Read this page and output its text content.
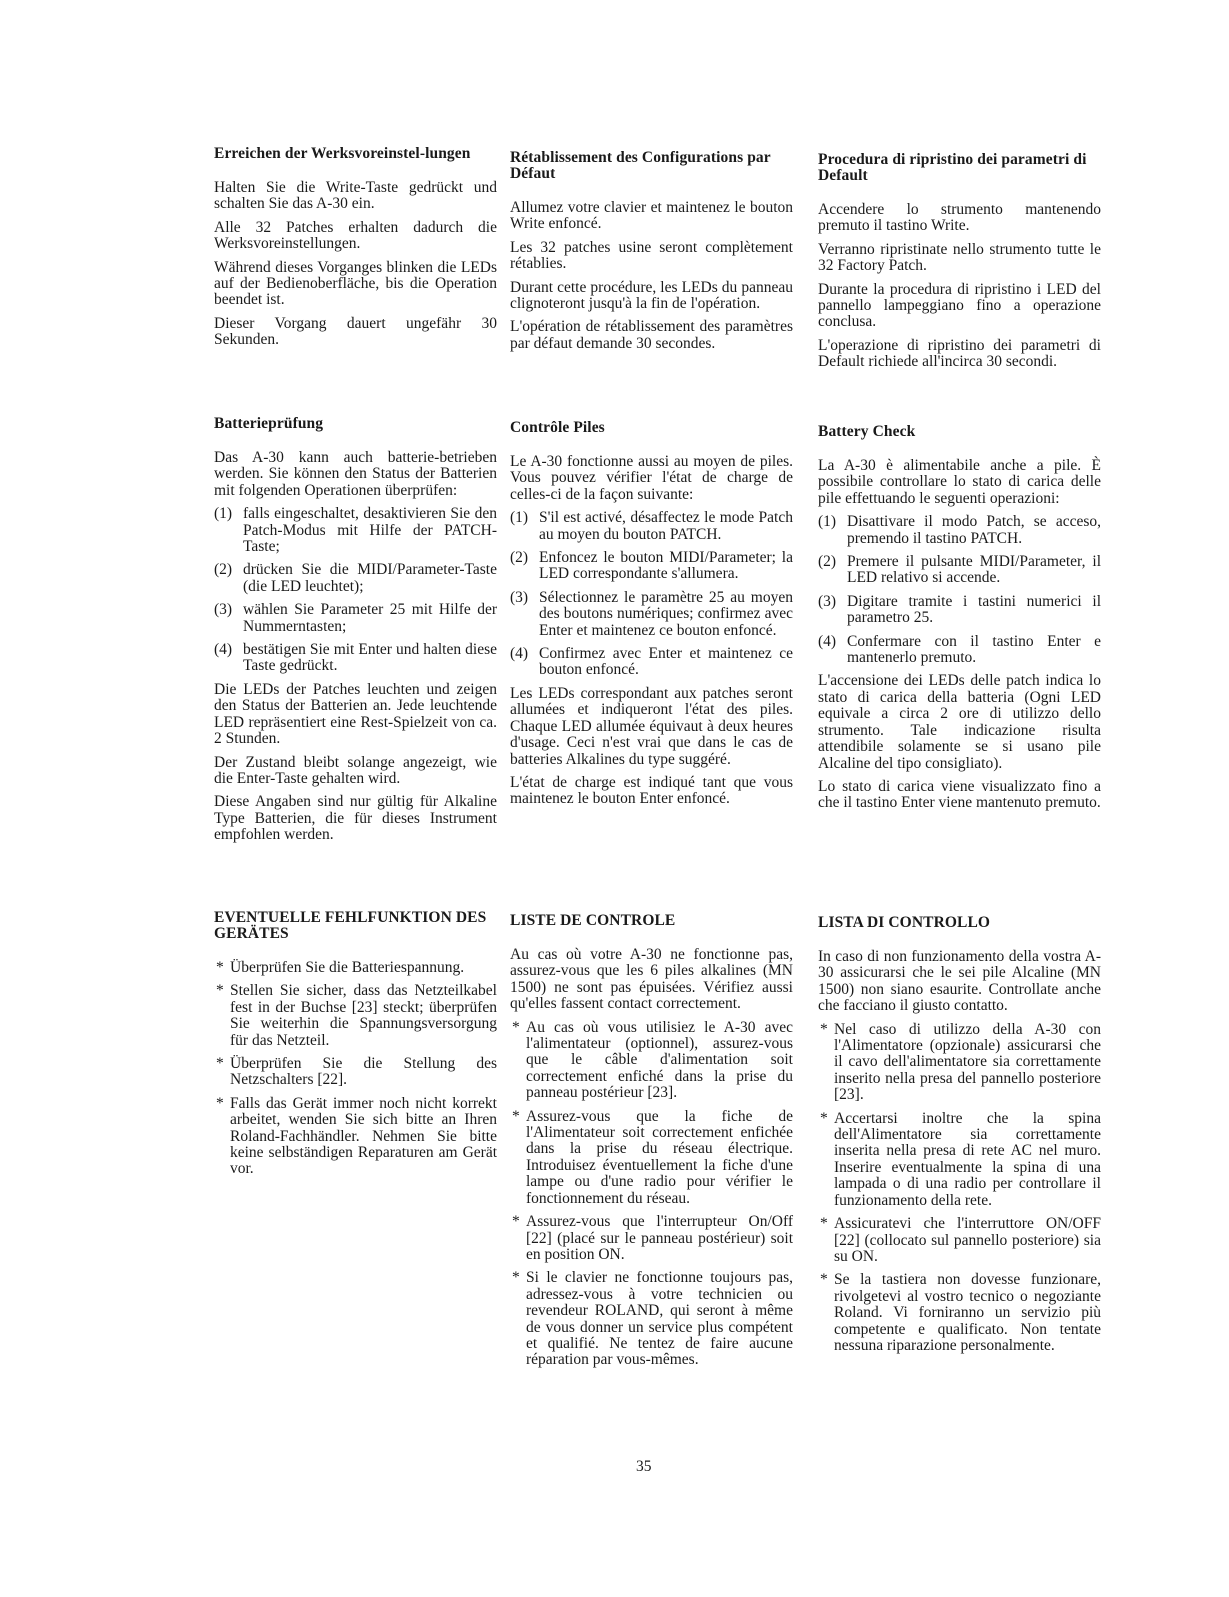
Erreichen der Werksvoreinstel-lungen

Halten Sie die Write-Taste gedrückt und schalten Sie das A-30 ein.

Alle 32 Patches erhalten dadurch die Werksvoreinstellungen.

Während dieses Vorganges blinken die LEDs auf der Bedienoberfläche, bis die Operation beendet ist.

Dieser Vorgang dauert ungefähr 30 Sekunden.

Batterieprüfung

Das A-30 kann auch batterie-betrieben werden. Sie können den Status der Batterien mit folgenden Operationen überprüfen:

(1) falls eingeschaltet, desaktivieren Sie den Patch-Modus mit Hilfe der PATCH-Taste;
(2) drücken Sie die MIDI/Parameter-Taste (die LED leuchtet);
(3) wählen Sie Parameter 25 mit Hilfe der Nummerntasten;
(4) bestätigen Sie mit Enter und halten diese Taste gedrückt.

Die LEDs der Patches leuchten und zeigen den Status der Batterien an. Jede leuchtende LED repräsentiert eine Rest-Spielzeit von ca. 2 Stunden.

Der Zustand bleibt solange angezeigt, wie die Enter-Taste gehalten wird.

Diese Angaben sind nur gültig für Alkaline Type Batterien, die für dieses Instrument empfohlen werden.

EVENTUELLE FEHLFUNKTION DES GERÄTES
* Überprüfen Sie die Batteriespannung.
* Stellen Sie sicher, dass das Netzteilkabel fest in der Buchse [23] steckt; überprüfen Sie weiterhin die Spannungsversorgung für das Netzteil.
* Überprüfen Sie die Stellung des Netzschalters [22].
* Falls das Gerät immer noch nicht korrekt arbeitet, wenden Sie sich bitte an Ihren Roland-Fachhändler. Nehmen Sie bitte keine selbständigen Reparaturen am Gerät vor.
Rétablissement des Configurations par Défaut

Allumez votre clavier et maintenez le bouton Write enfoncé.

Les 32 patches usine seront complètement rétablies.

Durant cette procédure, les LEDs du panneau clignoteront jusqu'à la fin de l'opération.

L'opération de rétablissement des paramètres par défaut demande 30 secondes.

Contrôle Piles

Le A-30 fonctionne aussi au moyen de piles. Vous pouvez vérifier l'état de charge de celles-ci de la façon suivante:

(1) S'il est activé, désaffectez le mode Patch au moyen du bouton PATCH.
(2) Enfoncez le bouton MIDI/Parameter; la LED correspondante s'allumera.
(3) Sélectionnez le paramètre 25 au moyen des boutons numériques; confirmez avec Enter et maintenez ce bouton enfoncé.
(4) Confirmez avec Enter et maintenez ce bouton enfoncé.

Les LEDs correspondant aux patches seront allumées et indiqueront l'état des piles. Chaque LED allumée équivaut à deux heures d'usage. Ceci n'est vrai que dans le cas de batteries Alkalines du type suggéré.

L'état de charge est indiqué tant que vous maintenez le bouton Enter enfoncé.

LISTE DE CONTROLE

Au cas où votre A-30 ne fonctionne pas, assurez-vous que les 6 piles alkalines (MN 1500) ne sont pas épuisées. Vérifiez aussi qu'elles fassent contact correctement.

* Au cas où vous utilisiez le A-30 avec l'alimentateur (optionnel), assurez-vous que le câble d'alimentation soit correctement enfiché dans la prise du panneau postérieur [23].
* Assurez-vous que la fiche de l'Alimentateur soit correctement enfichée dans la prise du réseau électrique. Introduisez éventuellement la fiche d'une lampe ou d'une radio pour vérifier le fonctionnement du réseau.
* Assurez-vous que l'interrupteur On/Off [22] (placé sur le panneau postérieur) soit en position ON.
* Si le clavier ne fonctionne toujours pas, adressez-vous à votre technicien ou revendeur ROLAND, qui seront à même de vous donner un service plus compétent et qualifié. Ne tentez de faire aucune réparation par vous-mêmes.
Procedura di ripristino dei parametri di Default

Accendere lo strumento mantenendo premuto il tastino Write.

Verranno ripristinate nello strumento tutte le 32 Factory Patch.

Durante la procedura di ripristino i LED del pannello lampeggiano fino a operazione conclusa.

L'operazione di ripristino dei parametri di Default richiede all'incirca 30 secondi.

Battery Check

La A-30 è alimentabile anche a pile. È possibile controllare lo stato di carica delle pile effettuando le seguenti operazioni:

(1) Disattivare il modo Patch, se acceso, premendo il tastino PATCH.
(2) Premere il pulsante MIDI/Parameter, il LED relativo si accende.
(3) Digitare tramite i tastini numerici il parametro 25.
(4) Confermare con il tastino Enter e mantenerlo premuto.

L'accensione dei LEDs delle patch indica lo stato di carica della batteria (Ogni LED equivale a circa 2 ore di utilizzo dello strumento. Tale indicazione risulta attendibile solamente se si usano pile Alcaline del tipo consigliato).

Lo stato di carica viene visualizzato fino a che il tastino Enter viene mantenuto premuto.

LISTA DI CONTROLLO

In caso di non funzionamento della vostra A-30 assicurarsi che le sei pile Alcaline (MN 1500) non siano esaurite. Controllate anche che facciano il giusto contatto.

* Nel caso di utilizzo della A-30 con l'Alimentatore (opzionale) assicurarsi che il cavo dell'alimentatore sia correttamente inserito nella presa del pannello posteriore [23].
* Accertarsi inoltre che la spina dell'Alimentatore sia correttamente inserita nella presa di rete AC nel muro. Inserire eventualmente la spina di una lampada o di una radio per controllare il funzionamento della rete.
* Assicuratevi che l'interruttore ON/OFF [22] (collocato sul pannello posteriore) sia su ON.
* Se la tastiera non dovesse funzionare, rivolgetevi al vostro tecnico o negoziante Roland. Vi forniranno un servizio più competente e qualificato. Non tentate nessuna riparazione personalmente.
35
